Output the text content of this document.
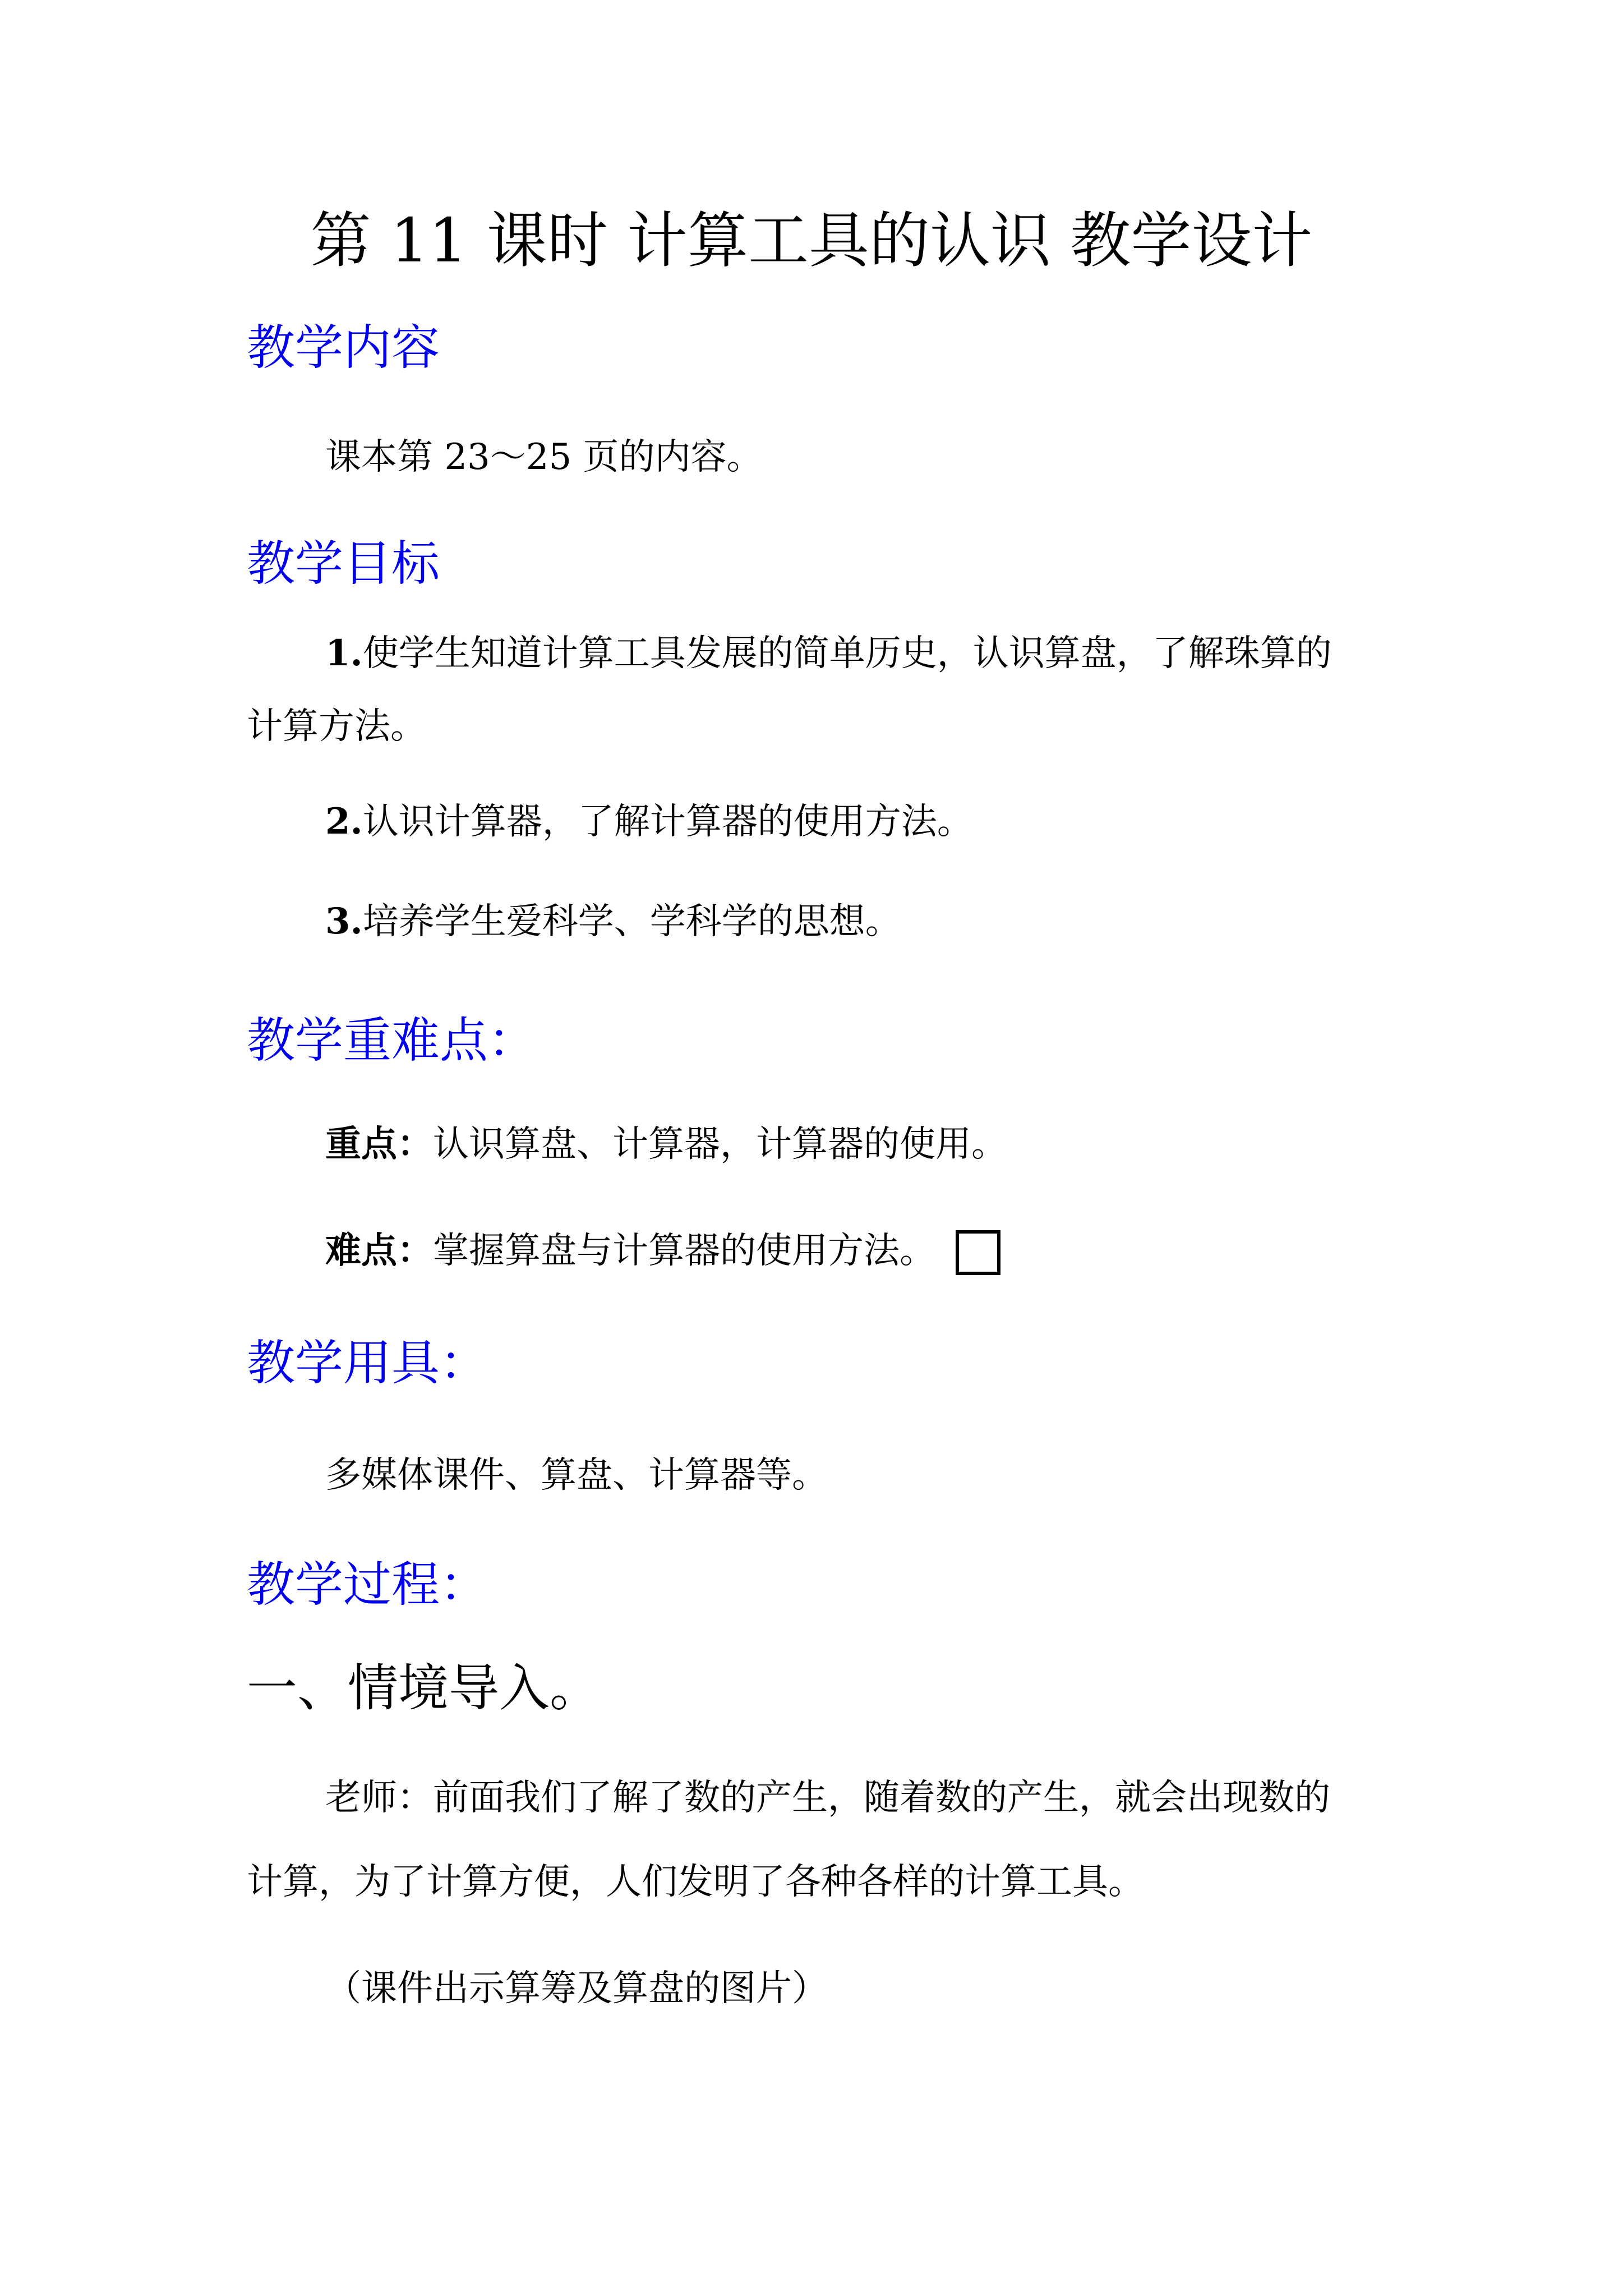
第 11 课时 计算工具的认识 教学设计
教学内容
课本第 23～25 页的内容。
教学目标
1.使学生知道计算工具发展的简单历史，认识算盘，了解珠算的
计算方法。
2.认识计算器，了解计算器的使用方法。
3.培养学生爱科学、学科学的思想。
教学重难点：
重点：认识算盘、计算器，计算器的使用。
难点：掌握算盘与计算器的使用方法。
教学用具：
多媒体课件、算盘、计算器等。
教学过程：
一、情境导入。
老师：前面我们了解了数的产生，随着数的产生，就会出现数的
计算，为了计算方便，人们发明了各种各样的计算工具。
（课件出示算筹及算盘的图片）
